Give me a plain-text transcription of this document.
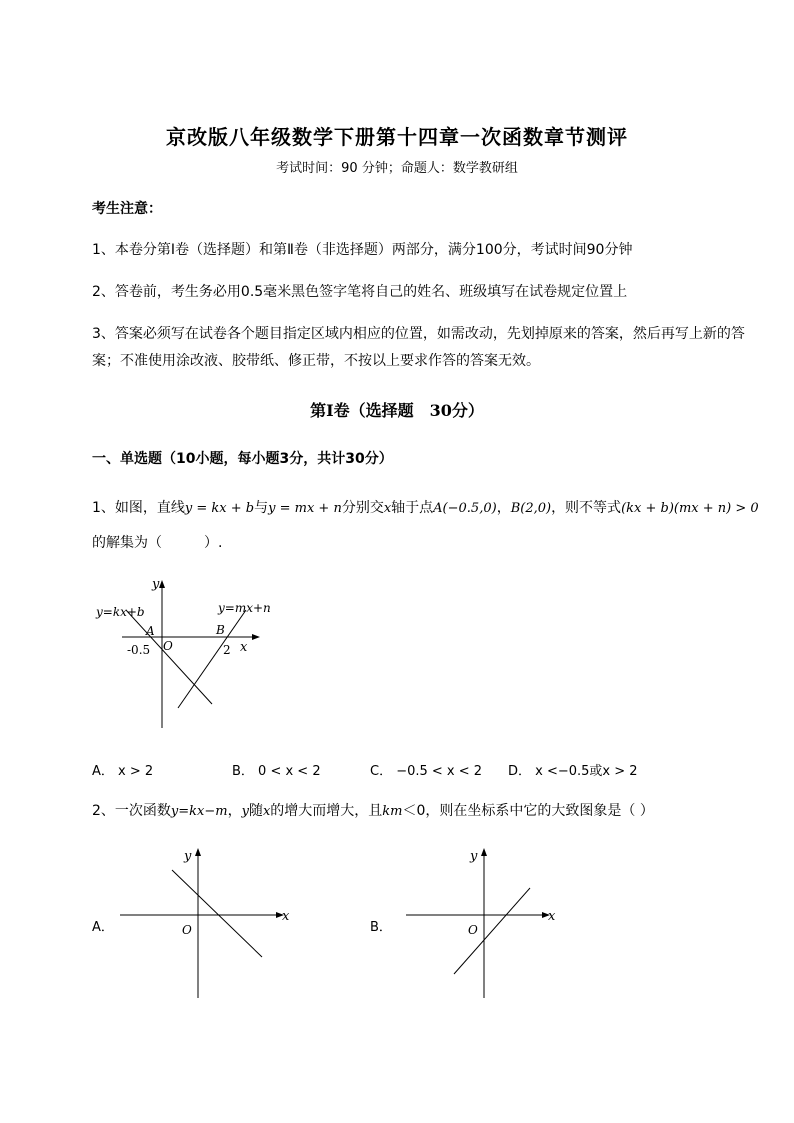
京改版八年级数学下册第十四章一次函数章节测评
考试时间：90 分钟；命题人：数学教研组
考生注意：
1、本卷分第I卷（选择题）和第Ⅱ卷（非选择题）两部分，满分100分，考试时间90分钟
2、答卷前，考生务必用0.5毫米黑色签字笔将自己的姓名、班级填写在试卷规定位置上
3、答案必须写在试卷各个题目指定区域内相应的位置，如需改动，先划掉原来的答案，然后再写上新的答案；不准使用涂改液、胶带纸、修正带，不按以上要求作答的答案无效。
第I卷（选择题　30分）
一、单选题（10小题，每小题3分，共计30分）
1、如图，直线y = kx + b与y = mx + n分别交x轴于点A(−0.5,0)，B(2,0)，则不等式(kx + b)(mx + n) > 0
的解集为（　　　）.
y
x
y=kx+b	y=mx+n
A	B
O
-0.5	2
A． x > 2	B． 0 < x < 2	C． −0.5 < x < 2 D． x <−0.5或x > 2
2、一次函数y=kx−m，y随x的增大而增大，且km＜0，则在坐标系中它的大致图象是（ ）
A．
y
x
O	B．
y
x
O
